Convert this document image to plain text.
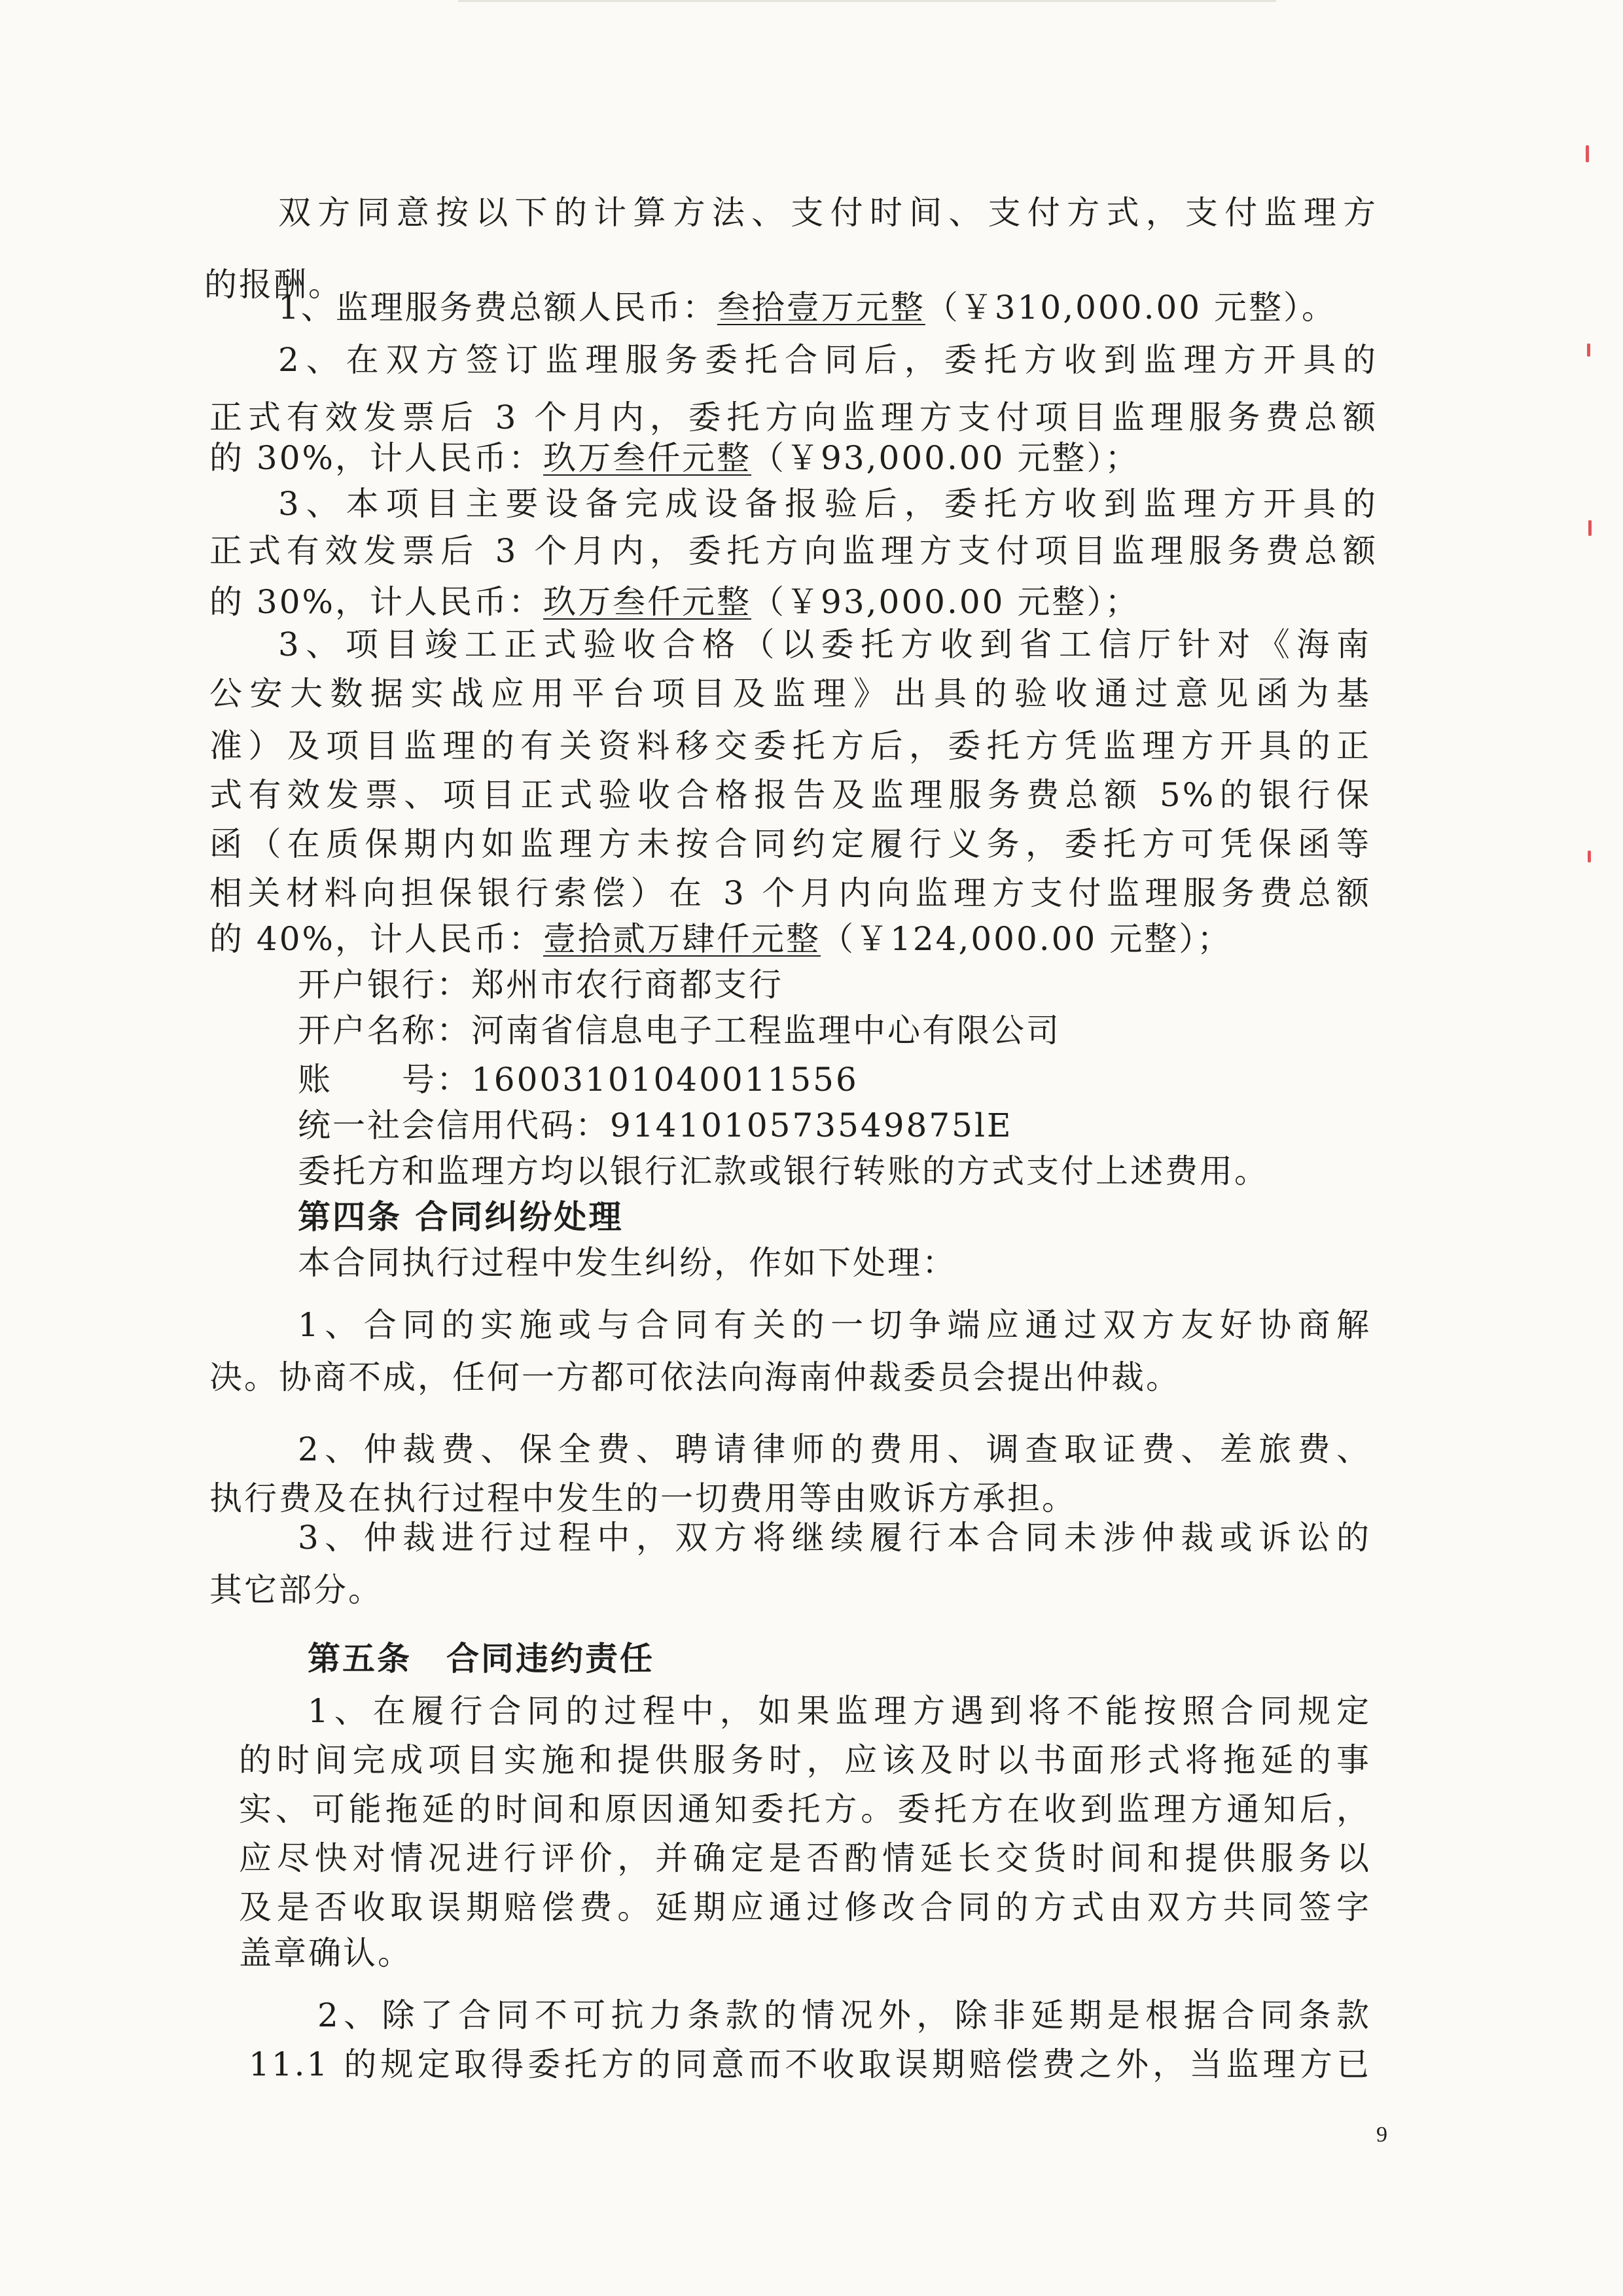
双方同意按以下的计算方法、支付时间、支付方式，支付监理方
的报酬。
1、监理服务费总额人民币：叁拾壹万元整（￥310,000.00 元整）。
2、在双方签订监理服务委托合同后，委托方收到监理方开具的
正式有效发票后 3 个月内，委托方向监理方支付项目监理服务费总额
的 30%，计人民币：玖万叁仟元整（￥93,000.00 元整）；
3、本项目主要设备完成设备报验后，委托方收到监理方开具的
正式有效发票后 3 个月内，委托方向监理方支付项目监理服务费总额
的 30%，计人民币：玖万叁仟元整（￥93,000.00 元整）；
3、项目竣工正式验收合格（以委托方收到省工信厅针对《海南
公安大数据实战应用平台项目及监理》出具的验收通过意见函为基
准）及项目监理的有关资料移交委托方后，委托方凭监理方开具的正
式有效发票、项目正式验收合格报告及监理服务费总额 5%的银行保
函（在质保期内如监理方未按合同约定履行义务，委托方可凭保函等
相关材料向担保银行索偿）在 3 个月内向监理方支付监理服务费总额
的 40%，计人民币：壹拾贰万肆仟元整（￥124,000.00 元整）；
开户银行：郑州市农行商都支行
开户名称：河南省信息电子工程监理中心有限公司
账　　号：16003101040011556
统一社会信用代码：9141010573549875lE
委托方和监理方均以银行汇款或银行转账的方式支付上述费用。
第四条 合同纠纷处理
本合同执行过程中发生纠纷，作如下处理：
1、合同的实施或与合同有关的一切争端应通过双方友好协商解
决。协商不成，任何一方都可依法向海南仲裁委员会提出仲裁。
2、仲裁费、保全费、聘请律师的费用、调查取证费、差旅费、
执行费及在执行过程中发生的一切费用等由败诉方承担。
3、仲裁进行过程中，双方将继续履行本合同未涉仲裁或诉讼的
其它部分。
第五条　合同违约责任
1、在履行合同的过程中，如果监理方遇到将不能按照合同规定
的时间完成项目实施和提供服务时，应该及时以书面形式将拖延的事
实、可能拖延的时间和原因通知委托方。委托方在收到监理方通知后，
应尽快对情况进行评价，并确定是否酌情延长交货时间和提供服务以
及是否收取误期赔偿费。延期应通过修改合同的方式由双方共同签字
盖章确认。
2、除了合同不可抗力条款的情况外，除非延期是根据合同条款
11.1 的规定取得委托方的同意而不收取误期赔偿费之外，当监理方已
9
